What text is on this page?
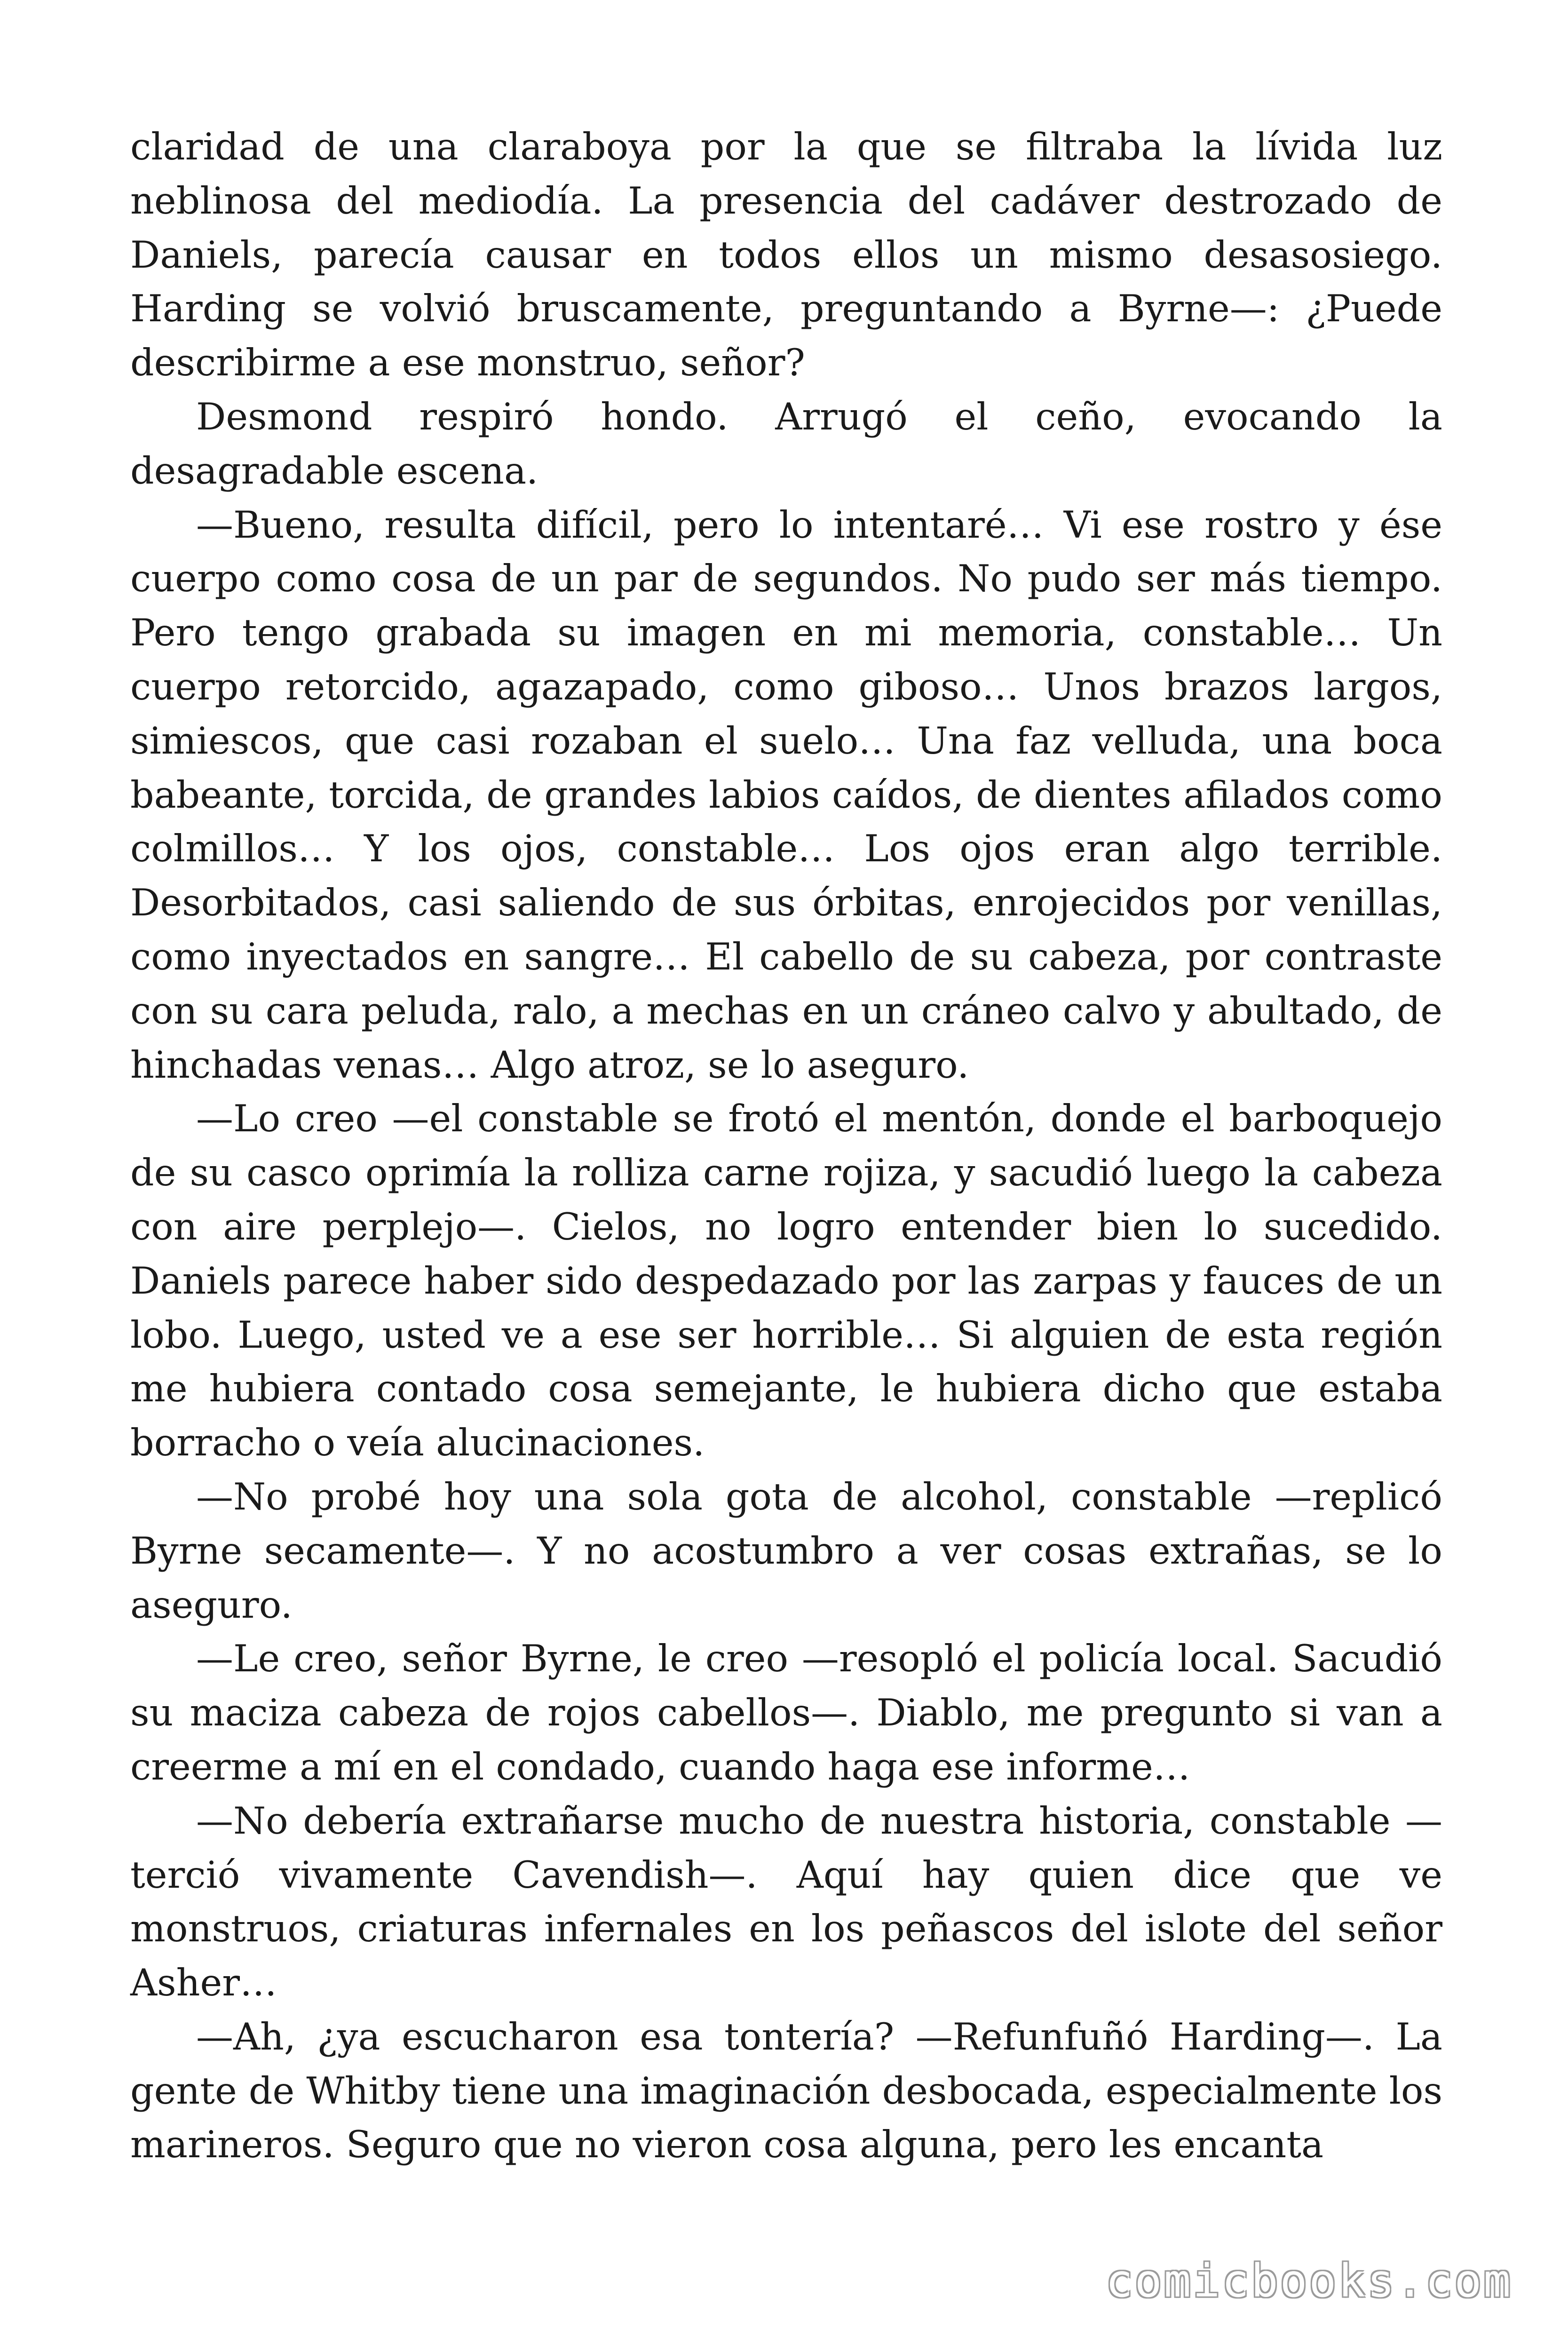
claridad de una claraboya por la que se filtraba la lívida luz neblinosa del mediodía. La presencia del cadáver destrozado de Daniels, parecía causar en todos ellos un mismo desasosiego. Harding se volvió bruscamente, preguntando a Byrne—: ¿Puede describirme a ese monstruo, señor?

Desmond respiró hondo. Arrugó el ceño, evocando la desagradable escena.

—Bueno, resulta difícil, pero lo intentaré… Vi ese rostro y ése cuerpo como cosa de un par de segundos. No pudo ser más tiempo. Pero tengo grabada su imagen en mi memoria, constable… Un cuerpo retorcido, agazapado, como giboso… Unos brazos largos, simiescos, que casi rozaban el suelo… Una faz velluda, una boca babeante, torcida, de grandes labios caídos, de dientes afilados como colmillos… Y los ojos, constable… Los ojos eran algo terrible. Desorbitados, casi saliendo de sus órbitas, enrojecidos por venillas, como inyectados en sangre… El cabello de su cabeza, por contraste con su cara peluda, ralo, a mechas en un cráneo calvo y abultado, de hinchadas venas… Algo atroz, se lo aseguro.

—Lo creo —el constable se frotó el mentón, donde el barboquejo de su casco oprimía la rolliza carne rojiza, y sacudió luego la cabeza con aire perplejo—. Cielos, no logro entender bien lo sucedido. Daniels parece haber sido despedazado por las zarpas y fauces de un lobo. Luego, usted ve a ese ser horrible… Si alguien de esta región me hubiera contado cosa semejante, le hubiera dicho que estaba borracho o veía alucinaciones.

—No probé hoy una sola gota de alcohol, constable —replicó Byrne secamente—. Y no acostumbro a ver cosas extrañas, se lo aseguro.

—Le creo, señor Byrne, le creo —resopló el policía local. Sacudió su maciza cabeza de rojos cabellos—. Diablo, me pregunto si van a creerme a mí en el condado, cuando haga ese informe…

—No debería extrañarse mucho de nuestra historia, constable —terció vivamente Cavendish—. Aquí hay quien dice que ve monstruos, criaturas infernales en los peñascos del islote del señor Asher…

—Ah, ¿ya escucharon esa tontería? —Refunfuñó Harding—. La gente de Whitby tiene una imaginación desbocada, especialmente los marineros. Seguro que no vieron cosa alguna, pero les encanta

comicbooks.com
